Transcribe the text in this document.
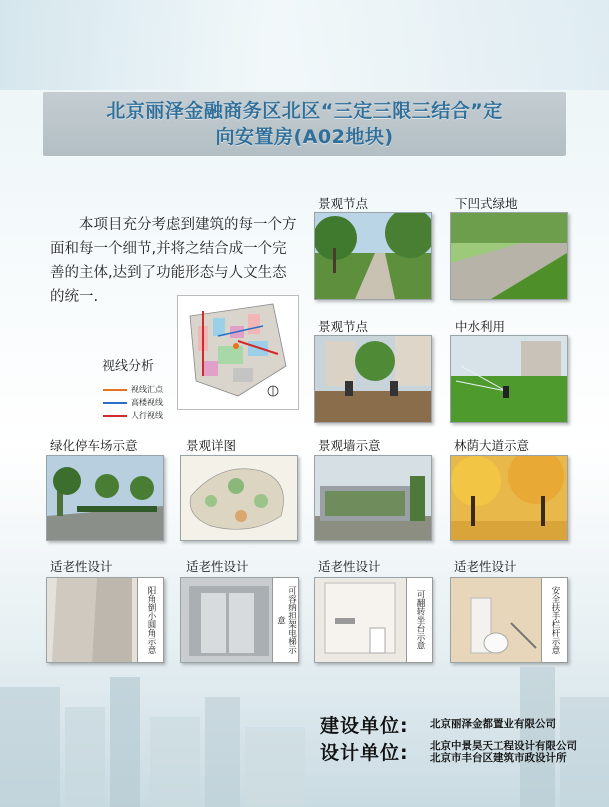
北京丽泽金融商务区北区“三定三限三结合”定
向安置房(A02地块)
本项目充分考虑到建筑的每一个方面和每一个细节,并将之结合成一个完善的主体,达到了功能形态与人文生态的统一.
视线分析
视线汇点
高楼视线
人行视线
景观节点	下凹式绿地
景观节点	中水利用
绿化停车场示意	景观详图	景观墙示意	林荫大道示意
适老性设计
阳角倒小圆角示意
适老性设计
可容纳担架电梯示意
适老性设计
可翻转坐台示意
适老性设计
安全扶手栏杆示意
建设单位:	北京丽泽金都置业有限公司
设计单位:	北京中景昊天工程设计有限公司
北京市丰台区建筑市政设计所
